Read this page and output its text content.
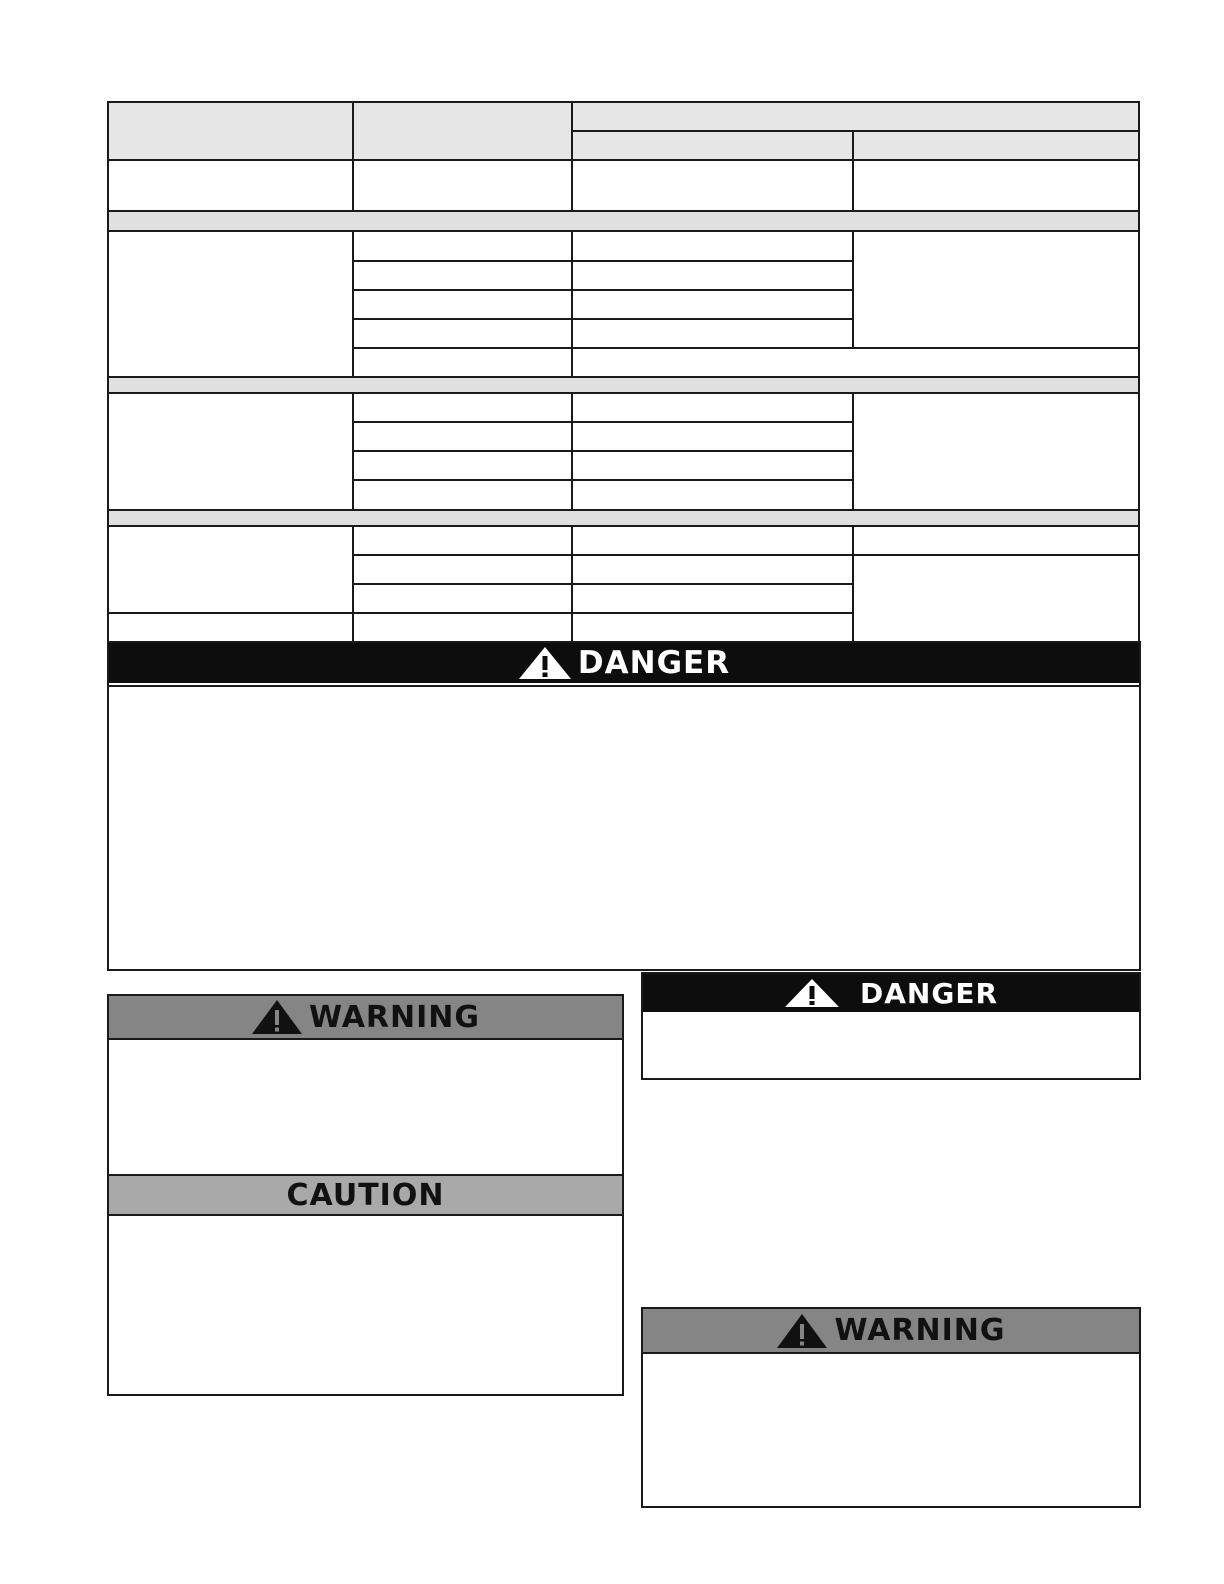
DANGER
WARNING
CAUTION
DANGER
WARNING
